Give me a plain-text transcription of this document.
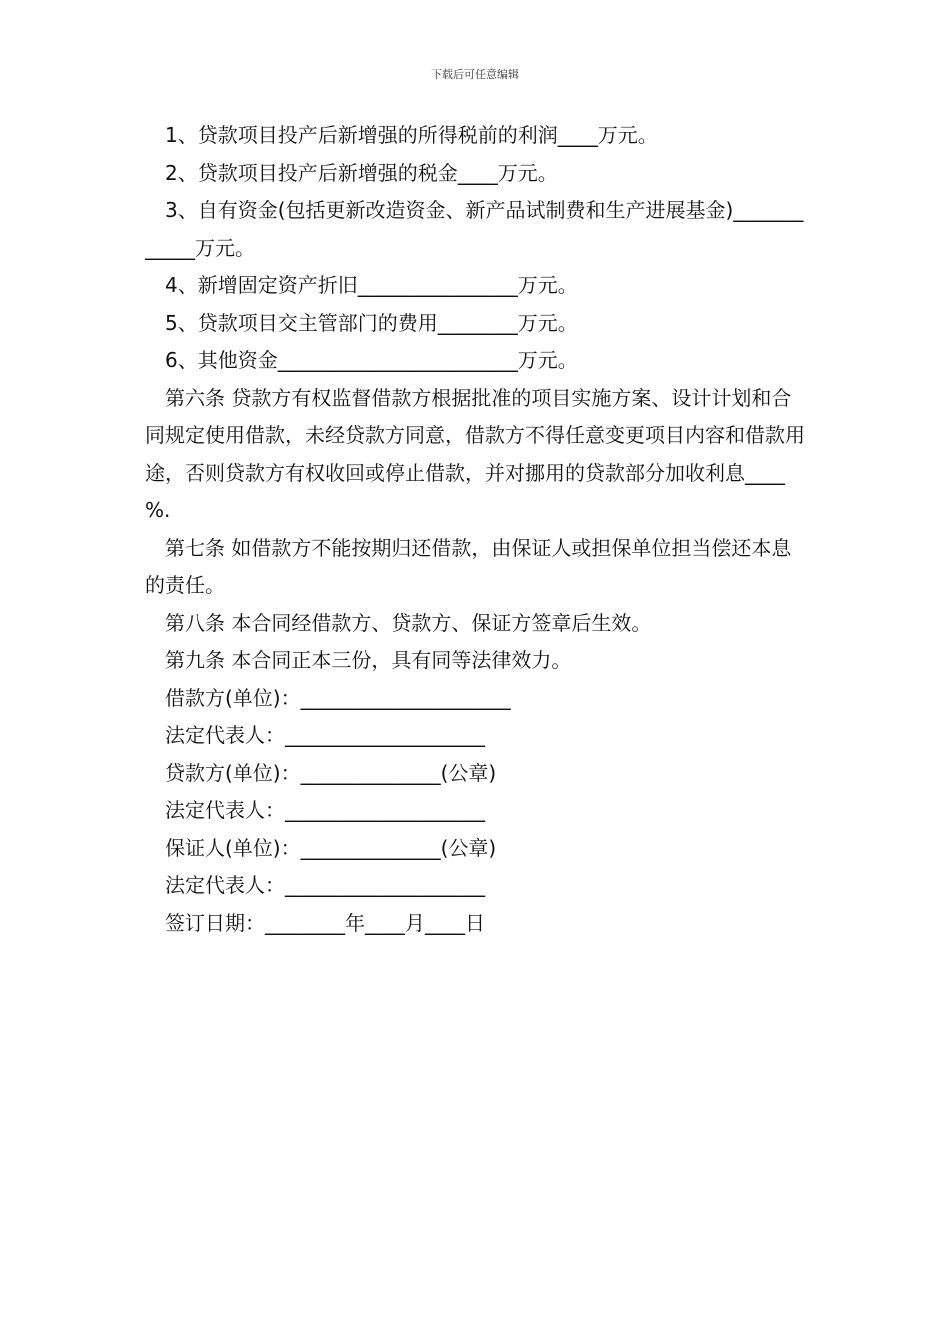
下载后可任意编辑

1、贷款项目投产后新增强的所得税前的利润____万元。

2、贷款项目投产后新增强的税金____万元。

3、自有资金(包括更新改造资金、新产品试制费和生产进展基金)____________万元。

4、新增固定资产折旧________________万元。

5、贷款项目交主管部门的费用________万元。

6、其他资金________________________万元。

第六条 贷款方有权监督借款方根据批准的项目实施方案、设计计划和合同规定使用借款，未经贷款方同意，借款方不得任意变更项目内容和借款用途，否则贷款方有权收回或停止借款，并对挪用的贷款部分加收利息____ %.

第七条 如借款方不能按期归还借款，由保证人或担保单位担当偿还本息的责任。

第八条 本合同经借款方、贷款方、保证方签章后生效。

第九条 本合同正本三份，具有同等法律效力。

借款方(单位)：_____________________

法定代表人：____________________

贷款方(单位)：______________(公章)

法定代表人：____________________

保证人(单位)：______________(公章)

法定代表人：____________________

签订日期：________年____月____日
